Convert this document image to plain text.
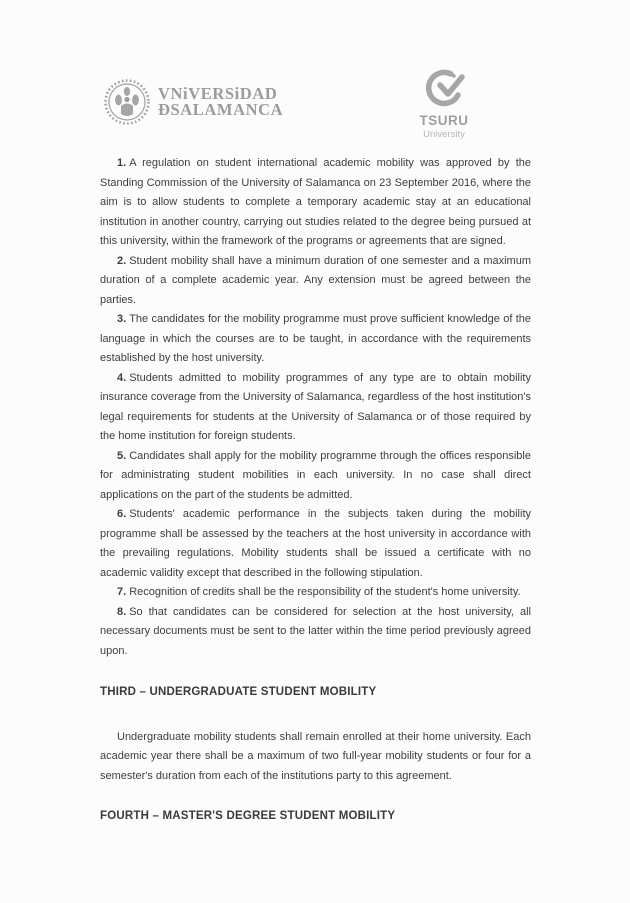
VNiVERSiDAD
ÐSALAMANCA
TSURU
University

1. A regulation on student international academic mobility was approved by the Standing Commission of the University of Salamanca on 23 September 2016, where the aim is to allow students to complete a temporary academic stay at an educational institution in another country, carrying out studies related to the degree being pursued at this university, within the framework of the programs or agreements that are signed.

2. Student mobility shall have a minimum duration of one semester and a maximum duration of a complete academic year. Any extension must be agreed between the parties.

3. The candidates for the mobility programme must prove sufficient knowledge of the language in which the courses are to be taught, in accordance with the requirements established by the host university.

4. Students admitted to mobility programmes of any type are to obtain mobility insurance coverage from the University of Salamanca, regardless of the host institution's legal requirements for students at the University of Salamanca or of those required by the home institution for foreign students.

5. Candidates shall apply for the mobility programme through the offices responsible for administrating student mobilities in each university. In no case shall direct applications on the part of the students be admitted.

6. Students' academic performance in the subjects taken during the mobility programme shall be assessed by the teachers at the host university in accordance with the prevailing regulations. Mobility students shall be issued a certificate with no academic validity except that described in the following stipulation.

7. Recognition of credits shall be the responsibility of the student's home university.

8. So that candidates can be considered for selection at the host university, all necessary documents must be sent to the latter within the time period previously agreed upon.

THIRD – UNDERGRADUATE STUDENT MOBILITY

Undergraduate mobility students shall remain enrolled at their home university. Each academic year there shall be a maximum of two full-year mobility students or four for a semester's duration from each of the institutions party to this agreement.

FOURTH – MASTER'S DEGREE STUDENT MOBILITY
